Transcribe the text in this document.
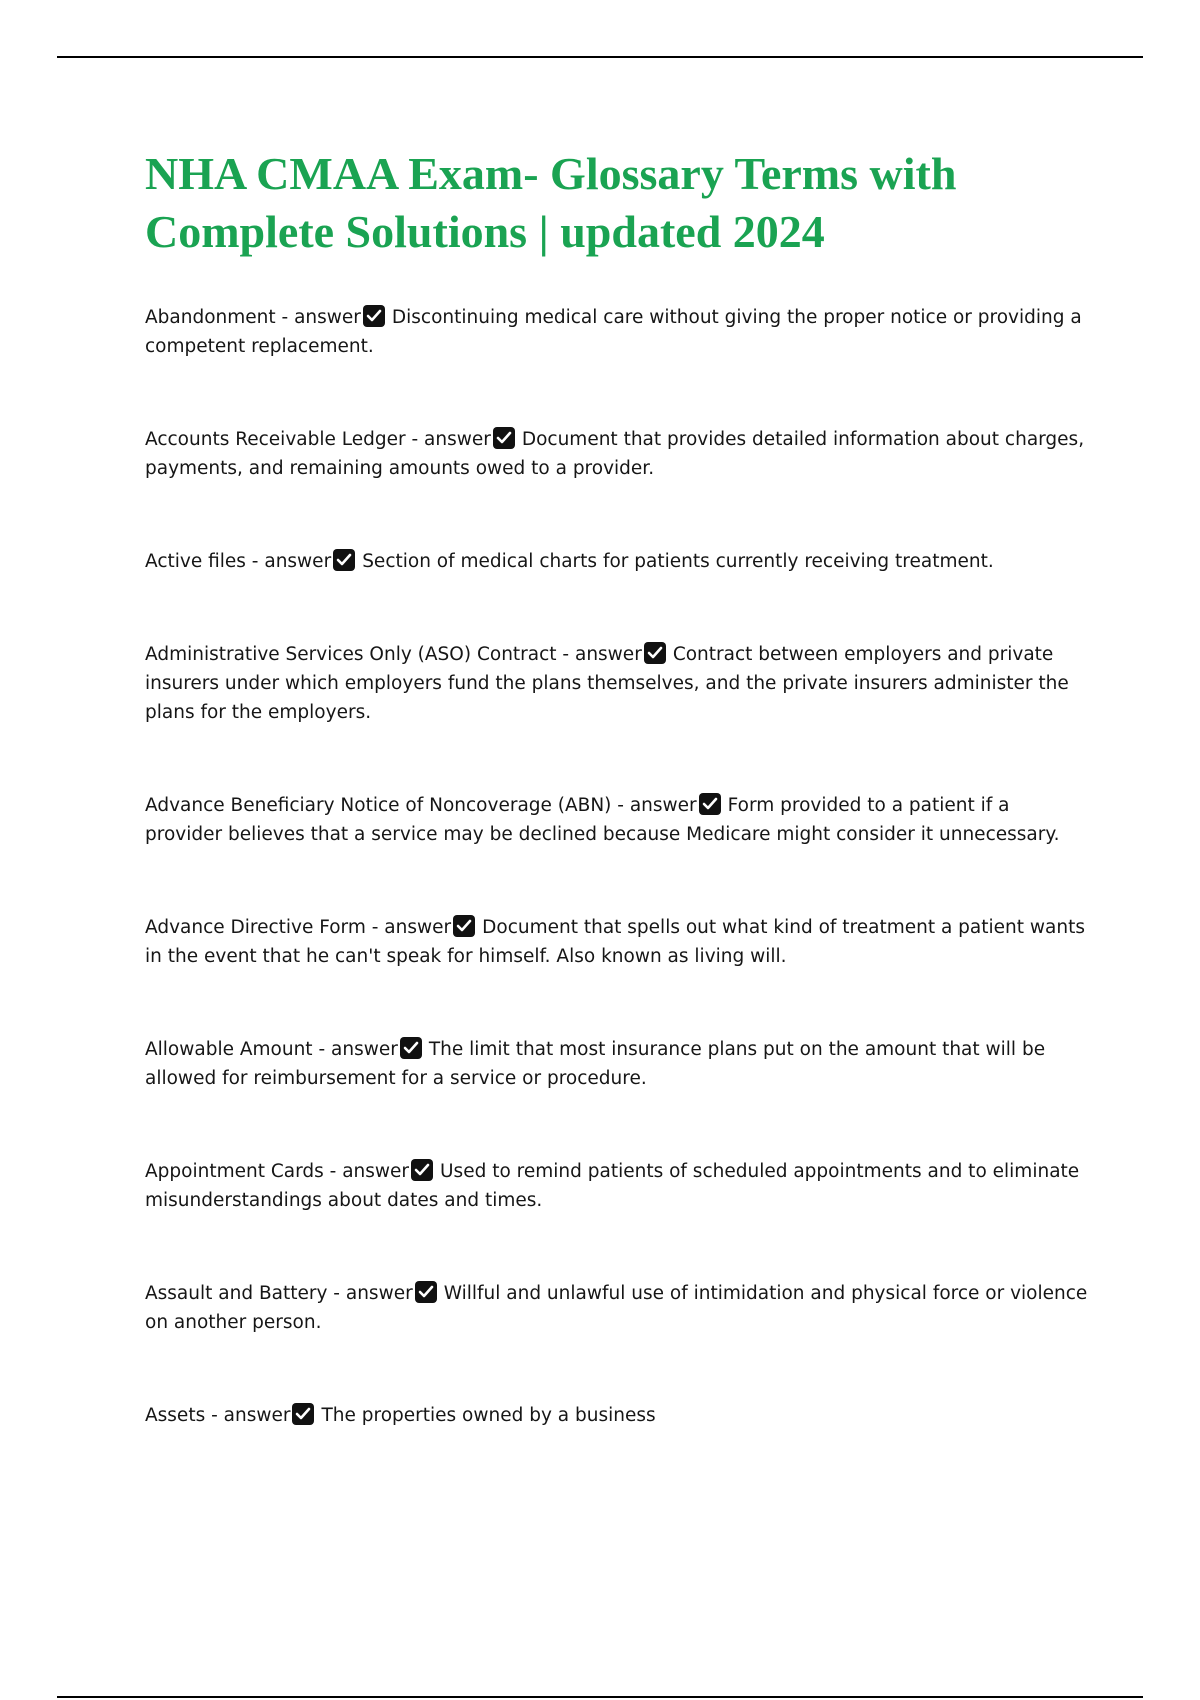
NHA CMAA Exam- Glossary Terms with Complete Solutions | updated 2024
Abandonment - answer Discontinuing medical care without giving the proper notice or providing a competent replacement.
Accounts Receivable Ledger - answer Document that provides detailed information about charges, payments, and remaining amounts owed to a provider.
Active files - answer Section of medical charts for patients currently receiving treatment.
Administrative Services Only (ASO) Contract - answer Contract between employers and private insurers under which employers fund the plans themselves, and the private insurers administer the plans for the employers.
Advance Beneficiary Notice of Noncoverage (ABN) - answer Form provided to a patient if a provider believes that a service may be declined because Medicare might consider it unnecessary.
Advance Directive Form - answer Document that spells out what kind of treatment a patient wants in the event that he can't speak for himself. Also known as living will.
Allowable Amount - answer The limit that most insurance plans put on the amount that will be allowed for reimbursement for a service or procedure.
Appointment Cards - answer Used to remind patients of scheduled appointments and to eliminate misunderstandings about dates and times.
Assault and Battery - answer Willful and unlawful use of intimidation and physical force or violence on another person.
Assets - answer The properties owned by a business
